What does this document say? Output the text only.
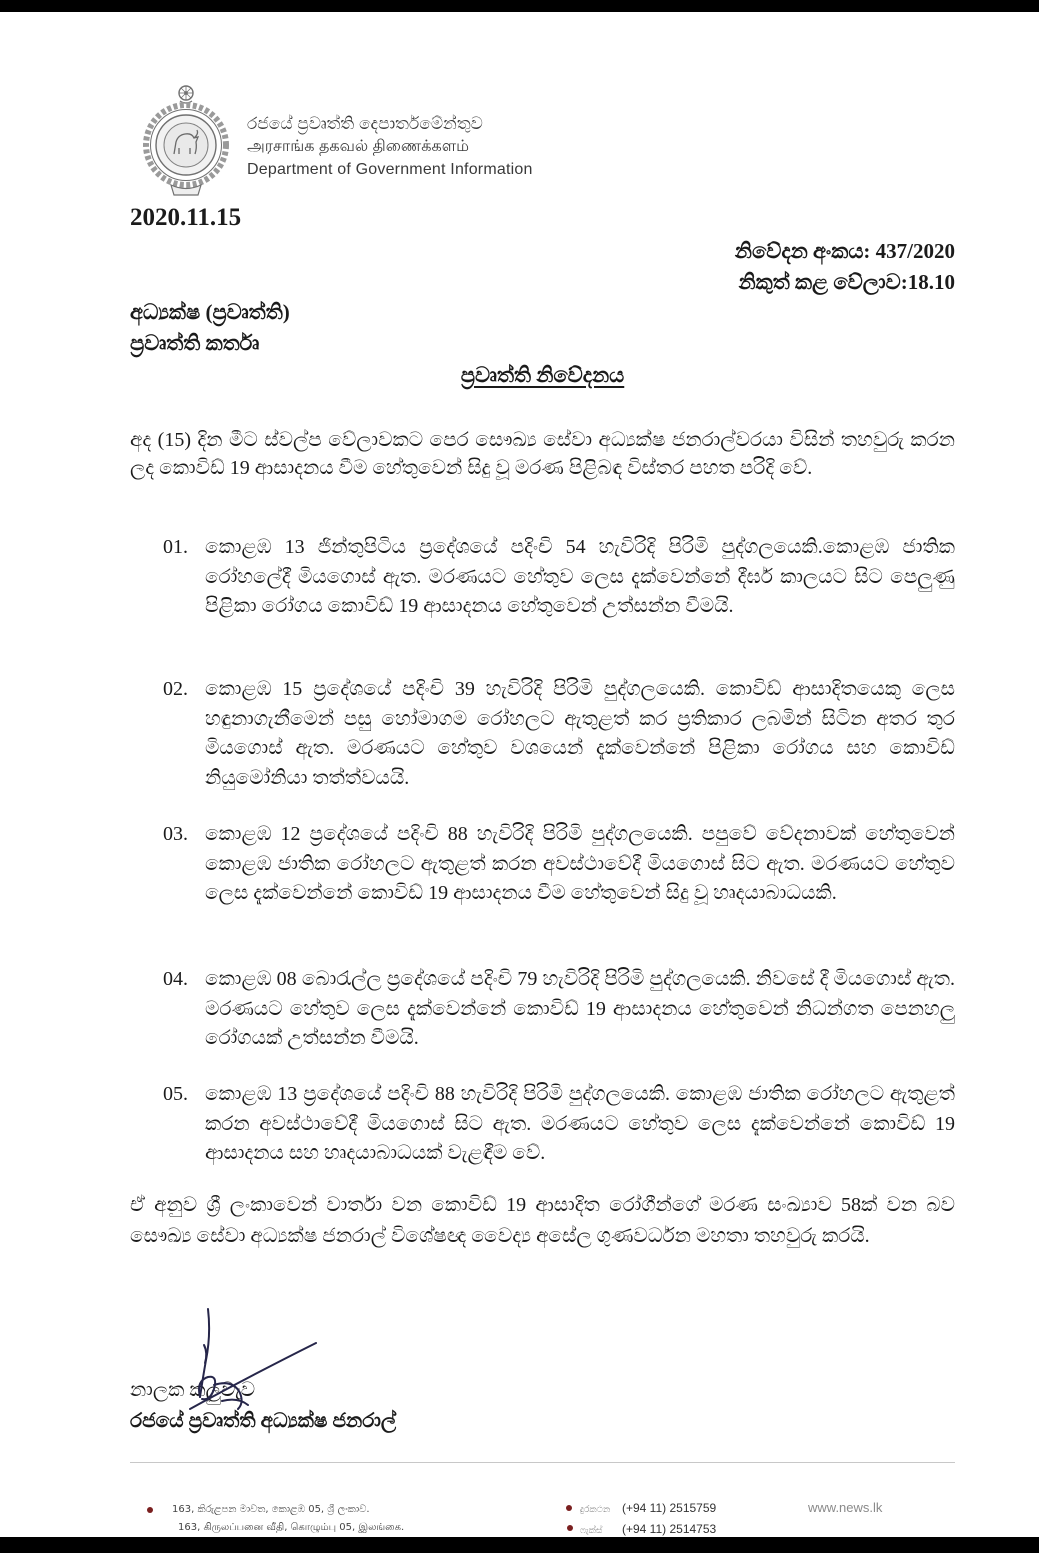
රජයේ ප්‍රවෘත්ති දෙපාර්තමේන්තුව
அரசாங்க தகவல் திணைக்களம்
Department of Government Information
2020.11.15
නිවේදන අංකය: 437/2020
නිකුත් කළ වේලාව:18.10
අධ්‍යක්ෂ (ප්‍රවෘත්ති)
ප්‍රවෘත්ති කර්තෘ
ප්‍රවෘත්ති නිවේදනය
අද (15) දින මීට ස්වල්ප වේලාවකට පෙර සෞඛ්‍ය සේවා අධ්‍යක්ෂ ජනරාල්වරයා විසින් තහවුරු කරන ලද කොවිඩ් 19 ආසාදනය වීම හේතුවෙන් සිදු වූ මරණ පිළිබඳ විස්තර පහත පරිදි වේ.
01. කොළඹ 13 ජින්තුපිටිය ප්‍රදේශයේ පදිංචි 54 හැවිරිදි පිරිමි පුද්ගලයෙකි.කොළඹ ජාතික රෝහලේදී මියගොස් ඇත. මරණයට හේතුව ලෙස දැක්වෙන්නේ දීර්ඝ කාලයට සිට පෙලුණු පිළිකා රෝගය කොවිඩ් 19 ආසාදනය හේතුවෙන් උත්සන්න වීමයි.
02. කොළඹ 15 ප්‍රදේශයේ පදිංචි 39 හැවිරිදි පිරිමි පුද්ගලයෙකි. කොවිඩ් ආසාදිතයෙකු ලෙස හඳුනාගැනීමෙන් පසු හෝමාගම රෝහලට ඇතුළත් කර ප්‍රතිකාර ලබමින් සිටින අතර තුර මියගොස් ඇත. මරණයට හේතුව වශයෙන් දැක්වෙන්නේ පිළිකා රෝගය සහ කොවිඩ් නියුමෝනියා තත්ත්වයයි.
03. කොළඹ 12 ප්‍රදේශයේ පදිංචි 88 හැවිරිදි පිරිමි පුද්ගලයෙකි. පපුවේ වේදනාවක් හේතුවෙන් කොළඹ ජාතික රෝහලට ඇතුළත් කරන අවස්ථාවේදී මියගොස් සිට ඇත. මරණයට හේතුව ලෙස දැක්වෙන්නේ කොවිඩ් 19 ආසාදනය වීම හේතුවෙන් සිදු වූ හෘදයාබාධයකි.
04. කොළඹ 08 බොරැල්ල ප්‍රදේශයේ පදිංචි 79 හැවිරිදි පිරිමි පුද්ගලයෙකි. නිවසේ දී මියගොස් ඇත. මරණයට හේතුව ලෙස දැක්වෙන්නේ කොවිඩ් 19 ආසාදනය හේතුවෙන් නිධන්ගත පෙනහලු රෝගයක් උත්සන්න වීමයි.
05. කොළඹ 13 ප්‍රදේශයේ පදිංචි 88 හැවිරිදි පිරිමි පුද්ගලයෙකි. කොළඹ ජාතික රෝහලට ඇතුළත් කරන අවස්ථාවේදී මියගොස් සිට ඇත. මරණයට හේතුව ලෙස දැක්වෙන්නේ කොවිඩ් 19 ආසාදනය සහ හෘදයාබාධයක් වැළඳීම වේ.
ඒ අනුව ශ්‍රී ලංකාවෙන් වාර්තා වන කොවිඩ් 19 ආසාදිත රෝගීන්ගේ මරණ සංඛ්‍යාව 58ක් වන බව සෞඛ්‍ය සේවා අධ්‍යක්ෂ ජනරාල් විශේෂඥ වෛද්‍ය අසේල ගුණවර්ධන මහතා තහවුරු කරයි.
නාලක කලුවැව
රජයේ ප්‍රවෘත්ති අධ්‍යක්ෂ ජනරාල්
163, කිරුළපන මාවත, කොළඹ 05, ශ්‍රී ලංකාව.
163, கிருலப்பனை வீதி, கொழும்பு 05, இலங்கை.
දුරකථන (+94 11) 2515759
ෆැක්ස් (+94 11) 2514753
www.news.lk
